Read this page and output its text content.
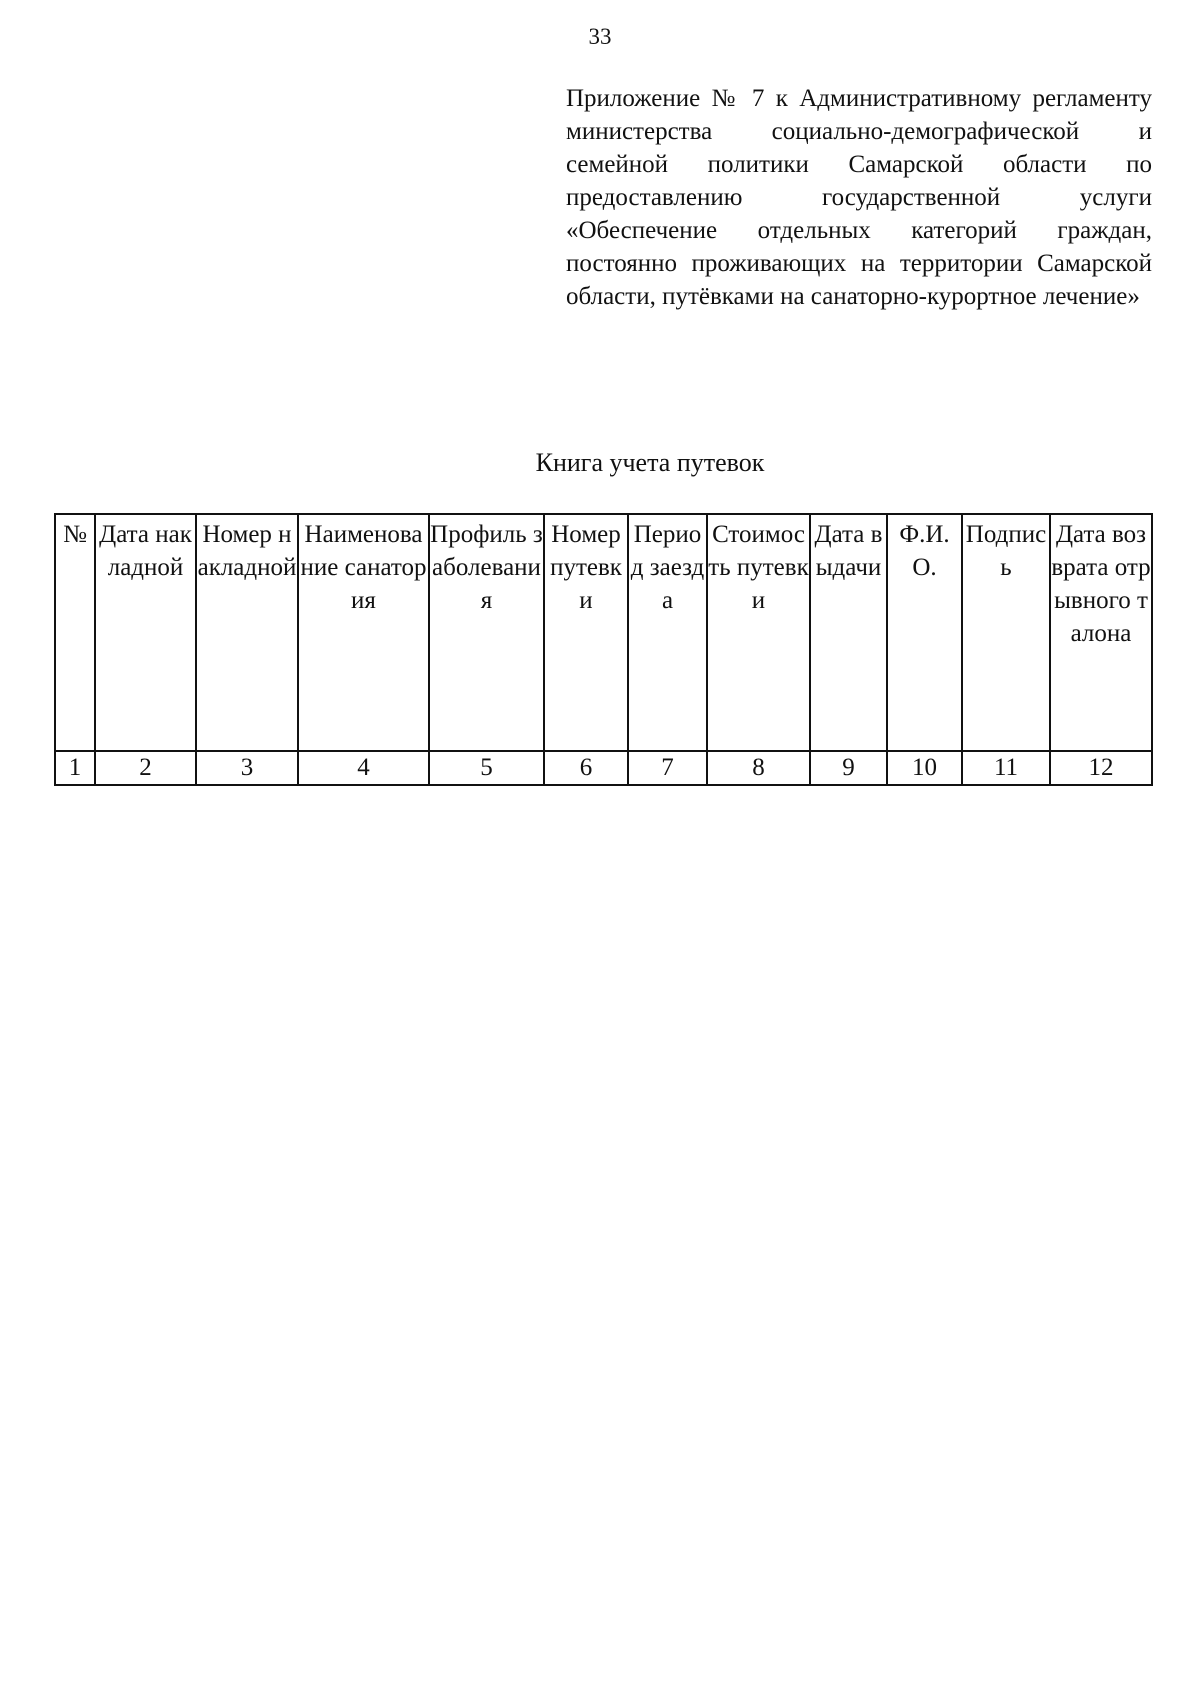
33
Приложение № 7 к Административному регламенту министерства социально-демографической и семейной политики Самарской области по предоставлению государственной услуги «Обеспечение отдельных категорий граждан, постоянно проживающих на территории Самарской области, путёвками на санаторно-курортное лечение»
Книга учета путевок
№	Дата накладной	Номер накладной	Наименование санатория	Профиль заболевания	Номер путевки	Период заезда	Стоимость путевки	Дата выдачи	Ф.И.О.	Подпись	Дата возврата отрывного талона
1	2	3	4	5	6	7	8	9	10	11	12
